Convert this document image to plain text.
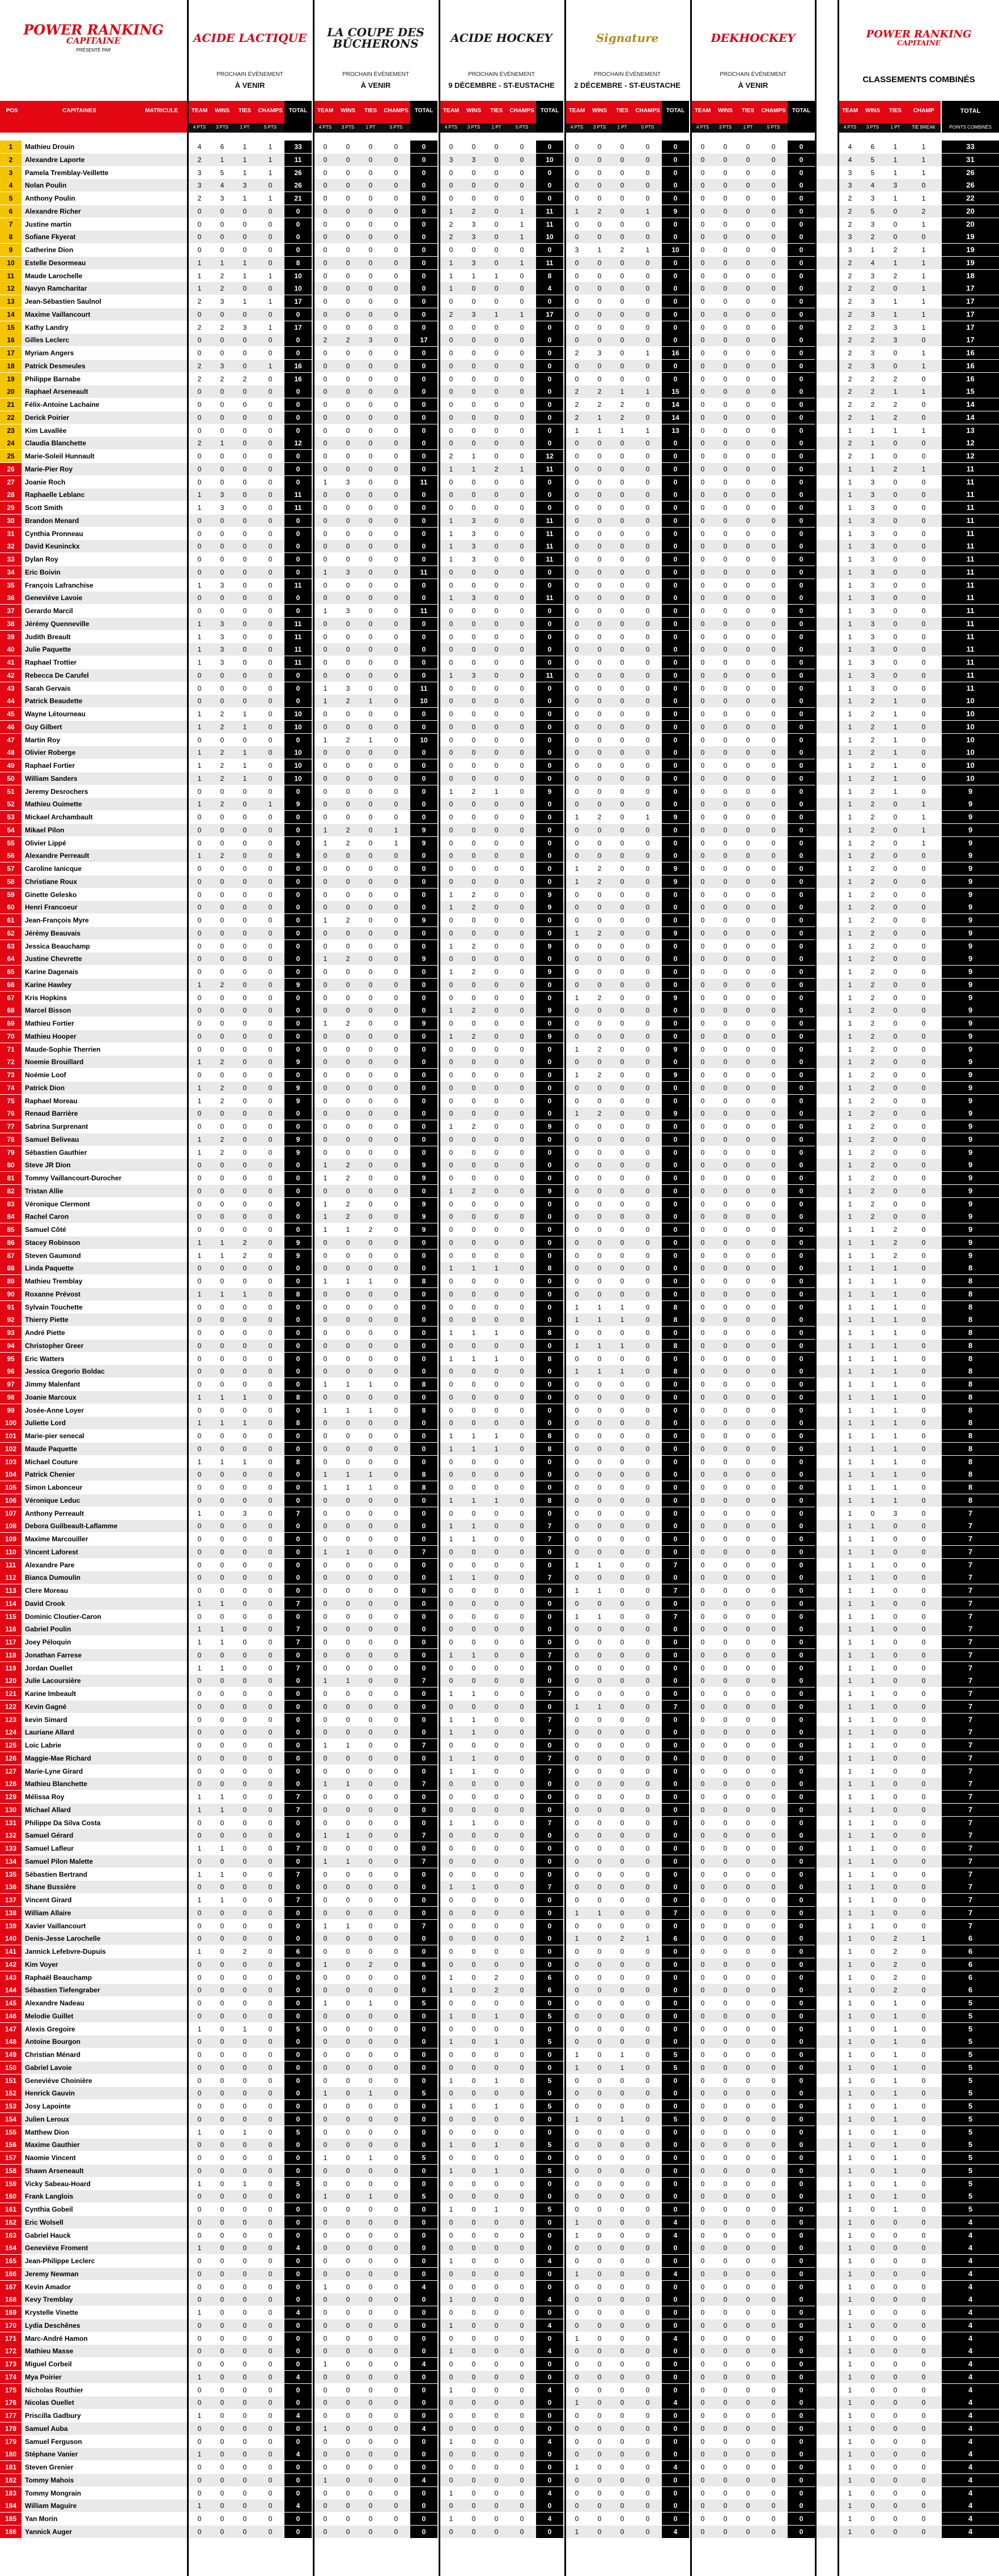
POWER RANKING
CAPITAINE
PRÉSENTÉ PAR
ACIDE LACTIQUE
PROCHAIN ÉVÉNEMENT
À VENIR
LA COUPE DES BÛCHERONS
PROCHAIN ÉVÉNEMENT
À VENIR
ACIDE HOCKEY
PROCHAIN ÉVÉNEMENT
9 DÉCEMBRE - ST-EUSTACHE
Signature
PROCHAIN ÉVÉNEMENT
2 DÉCEMBRE - ST-EUSTACHE
DEKHOCKEY
PROCHAIN ÉVÉNEMENT
À VENIR
POWER RANKING
CAPITAINE
CLASSEMENTS COMBINÉS
POS	CAPITAINES	MATRICULE	TEAM	WINS	TIES	CHAMPS
4 PTS	3 PTS	1 PT	5 PTS
TOTAL	TEAM	WINS	TIES	CHAMPS
4 PTS	3 PTS	1 PT	5 PTS
TOTAL	TEAM	WINS	TIES	CHAMPS
4 PTS	3 PTS	1 PT	5 PTS
TOTAL	TEAM	WINS	TIES	CHAMPS
4 PTS	3 PTS	1 PT	5 PTS
TOTAL	TEAM	WINS	TIES	CHAMPS
4 PTS	3 PTS	1 PT	5 PTS
TOTAL	TEAM	WINS	TIES	CHAMP
4 PTS	3 PTS	1 PT	TIE BREAK
TOTAL
POINTS COMBINÉS
1	Mathieu Drouin	4	6	1	1	33	0	0	0	0	0	0	0	0	0	0	0	0	0	0	0	0	0	0	0	0	4	6	1	1	33
2	Alexandre Laporte	2	1	1	1	11	0	0	0	0	0	3	3	0	0	10	0	0	0	0	0	0	0	0	0	0	4	5	1	1	31
3	Pamela Tremblay-Veillette	3	5	1	1	26	0	0	0	0	0	0	0	0	0	0	0	0	0	0	0	0	0	0	0	0	3	5	1	1	26
4	Nolan Poulin	3	4	3	0	26	0	0	0	0	0	0	0	0	0	0	0	0	0	0	0	0	0	0	0	0	3	4	3	0	26
5	Anthony Poulin	2	3	1	1	21	0	0	0	0	0	0	0	0	0	0	0	0	0	0	0	0	0	0	0	0	2	3	1	1	22
6	Alexandre Richer	0	0	0	0	0	0	0	0	0	0	1	2	0	1	11	1	2	0	1	9	0	0	0	0	0	2	5	0	2	20
7	Justine martin	0	0	0	0	0	0	0	0	0	0	2	3	0	1	11	0	0	0	0	0	0	0	0	0	0	2	3	0	1	20
8	Sofiane Fkyerat	0	0	0	0	0	0	0	0	0	0	2	3	0	1	10	0	0	0	0	0	0	0	0	0	0	3	2	0	0	19
9	Catherine Dion	0	0	0	0	0	0	0	0	0	0	0	0	0	0	0	3	1	2	1	10	0	0	0	0	0	3	1	2	1	19
10	Estelle Desormeau	1	1	1	0	8	0	0	0	0	0	1	3	0	1	11	0	0	0	0	0	0	0	0	0	0	2	4	1	1	19
11	Maude Larochelle	1	2	1	1	10	0	0	0	0	0	1	1	1	0	8	0	0	0	0	0	0	0	0	0	0	2	3	2	1	18
12	Navyn Ramcharitar	1	2	0	0	10	0	0	0	0	0	1	0	0	0	4	0	0	0	0	0	0	0	0	0	0	2	2	0	1	17
13	Jean-Sébastien Saulnol	2	3	1	1	17	0	0	0	0	0	0	0	0	0	0	0	0	0	0	0	0	0	0	0	0	2	3	1	1	17
14	Maxime Vaillancourt	0	0	0	0	0	0	0	0	0	0	2	3	1	1	17	0	0	0	0	0	0	0	0	0	0	2	3	1	1	17
15	Kathy Landry	2	2	3	1	17	0	0	0	0	0	0	0	0	0	0	0	0	0	0	0	0	0	0	0	0	2	2	3	1	17
16	Gilles Leclerc	0	0	0	0	0	2	2	3	0	17	0	0	0	0	0	0	0	0	0	0	0	0	0	0	0	2	2	3	0	17
17	Myriam Angers	0	0	0	0	0	0	0	0	0	0	0	0	0	0	0	2	3	0	1	16	0	0	0	0	0	2	3	0	1	16
18	Patrick Desmeules	2	3	0	1	16	0	0	0	0	0	0	0	0	0	0	0	0	0	0	0	0	0	0	0	0	2	3	0	1	16
19	Philippe Barnabe	2	2	2	0	16	0	0	0	0	0	0	0	0	0	0	0	0	0	0	0	0	0	0	0	0	2	2	2	0	16
20	Raphael Arseneault	0	0	0	0	0	0	0	0	0	0	0	0	0	0	0	2	2	1	1	15	0	0	0	0	0	2	2	1	1	15
21	Félix-Antoine Lachaine	0	0	0	0	0	0	0	0	0	0	0	0	0	0	0	2	2	2	0	14	0	0	0	0	0	2	2	2	0	14
22	Derick Poirier	0	0	0	0	0	0	0	0	0	0	0	0	0	0	0	2	1	2	0	14	0	0	0	0	0	2	1	2	0	14
23	Kim Lavallée	0	0	0	0	0	0	0	0	0	0	0	0	0	0	0	1	1	1	1	13	0	0	0	0	0	1	1	1	1	13
24	Claudia Blanchette	2	1	0	0	12	0	0	0	0	0	0	0	0	0	0	0	0	0	0	0	0	0	0	0	0	2	1	0	0	12
25	Marie-Soleil Hunnault	0	0	0	0	0	0	0	0	0	0	2	1	0	0	12	0	0	0	0	0	0	0	0	0	0	2	1	0	0	12
26	Marie-Pier Roy	0	0	0	0	0	0	0	0	0	0	1	1	2	1	11	0	0	0	0	0	0	0	0	0	0	1	1	2	1	11
27	Joanie Roch	0	0	0	0	0	1	3	0	0	11	0	0	0	0	0	0	0	0	0	0	0	0	0	0	0	1	3	0	0	11
28	Raphaelle Leblanc	1	3	0	0	11	0	0	0	0	0	0	0	0	0	0	0	0	0	0	0	0	0	0	0	0	1	3	0	0	11
29	Scott Smith	1	3	0	0	11	0	0	0	0	0	0	0	0	0	0	0	0	0	0	0	0	0	0	0	0	1	3	0	0	11
30	Brandon Menard	0	0	0	0	0	0	0	0	0	0	1	3	0	0	11	0	0	0	0	0	0	0	0	0	0	1	3	0	0	11
31	Cynthia Pronneau	0	0	0	0	0	0	0	0	0	0	1	3	0	0	11	0	0	0	0	0	0	0	0	0	0	1	3	0	0	11
32	David Keuninckx	0	0	0	0	0	0	0	0	0	0	1	3	0	0	11	0	0	0	0	0	0	0	0	0	0	1	3	0	0	11
33	Dylan Roy	0	0	0	0	0	0	0	0	0	0	1	3	0	0	11	0	0	0	0	0	0	0	0	0	0	1	3	0	0	11
34	Eric Boivin	0	0	0	0	0	1	3	0	0	11	0	0	0	0	0	0	0	0	0	0	0	0	0	0	0	1	3	0	0	11
35	François Lafranchise	1	3	0	0	11	0	0	0	0	0	0	0	0	0	0	0	0	0	0	0	0	0	0	0	0	1	3	0	0	11
36	Geneviève Lavoie	0	0	0	0	0	0	0	0	0	0	1	3	0	0	11	0	0	0	0	0	0	0	0	0	0	1	3	0	0	11
37	Gerardo Marcil	0	0	0	0	0	1	3	0	0	11	0	0	0	0	0	0	0	0	0	0	0	0	0	0	0	1	3	0	0	11
38	Jérémy Quenneville	1	3	0	0	11	0	0	0	0	0	0	0	0	0	0	0	0	0	0	0	0	0	0	0	0	1	3	0	0	11
39	Judith Breault	1	3	0	0	11	0	0	0	0	0	0	0	0	0	0	0	0	0	0	0	0	0	0	0	0	1	3	0	0	11
40	Julie Paquette	1	3	0	0	11	0	0	0	0	0	0	0	0	0	0	0	0	0	0	0	0	0	0	0	0	1	3	0	0	11
41	Raphael Trottier	1	3	0	0	11	0	0	0	0	0	0	0	0	0	0	0	0	0	0	0	0	0	0	0	0	1	3	0	0	11
42	Rebecca De Carufel	0	0	0	0	0	0	0	0	0	0	1	3	0	0	11	0	0	0	0	0	0	0	0	0	0	1	3	0	0	11
43	Sarah Gervais	0	0	0	0	0	1	3	0	0	11	0	0	0	0	0	0	0	0	0	0	0	0	0	0	0	1	3	0	0	11
44	Patrick Beaudette	0	0	0	0	0	1	2	1	0	10	0	0	0	0	0	0	0	0	0	0	0	0	0	0	0	1	2	1	0	10
45	Wayne Létourneau	1	2	1	0	10	0	0	0	0	0	0	0	0	0	0	0	0	0	0	0	0	0	0	0	0	1	2	1	0	10
46	Guy Gilbert	1	2	1	0	10	0	0	0	0	0	0	0	0	0	0	0	0	0	0	0	0	0	0	0	0	1	2	1	0	10
47	Martin Roy	0	0	0	0	0	1	2	1	0	10	0	0	0	0	0	0	0	0	0	0	0	0	0	0	0	1	2	1	0	10
48	Olivier Roberge	1	2	1	0	10	0	0	0	0	0	0	0	0	0	0	0	0	0	0	0	0	0	0	0	0	1	2	1	0	10
49	Raphael Fortier	1	2	1	0	10	0	0	0	0	0	0	0	0	0	0	0	0	0	0	0	0	0	0	0	0	1	2	1	0	10
50	William Sanders	1	2	1	0	10	0	0	0	0	0	0	0	0	0	0	0	0	0	0	0	0	0	0	0	0	1	2	1	0	10
51	Jeremy Desrochers	0	0	0	0	0	0	0	0	0	0	1	2	1	0	9	0	0	0	0	0	0	0	0	0	0	1	2	1	0	9
52	Mathieu Ouimette	1	2	0	1	9	0	0	0	0	0	0	0	0	0	0	0	0	0	0	0	0	0	0	0	0	1	2	0	1	9
53	Mickael Archambault	0	0	0	0	0	0	0	0	0	0	0	0	0	0	0	1	2	0	1	9	0	0	0	0	0	1	2	0	1	9
54	Mikael Pilon	0	0	0	0	0	1	2	0	1	9	0	0	0	0	0	0	0	0	0	0	0	0	0	0	0	1	2	0	1	9
55	Olivier Lippé	0	0	0	0	0	1	2	0	1	9	0	0	0	0	0	0	0	0	0	0	0	0	0	0	0	1	2	0	1	9
56	Alexandre Perreault	1	2	0	0	9	0	0	0	0	0	0	0	0	0	0	0	0	0	0	0	0	0	0	0	0	1	2	0	0	9
57	Caroline Ianicque	0	0	0	0	0	0	0	0	0	0	0	0	0	0	0	1	2	0	0	9	0	0	0	0	0	1	2	0	0	9
58	Christiane Roux	0	0	0	0	0	0	0	0	0	0	0	0	0	0	0	1	2	0	0	9	0	0	0	0	0	1	2	0	0	9
59	Ginette Gelesko	0	0	0	0	0	0	0	0	0	0	1	2	0	0	9	0	0	0	0	0	0	0	0	0	0	1	2	0	0	9
60	Henri Francoeur	0	0	0	0	0	0	0	0	0	0	1	2	0	0	9	0	0	0	0	0	0	0	0	0	0	1	2	0	0	9
61	Jean-François Myre	0	0	0	0	0	1	2	0	0	9	0	0	0	0	0	0	0	0	0	0	0	0	0	0	0	1	2	0	0	9
62	Jérémy Beauvais	0	0	0	0	0	0	0	0	0	0	0	0	0	0	0	1	2	0	0	9	0	0	0	0	0	1	2	0	0	9
63	Jessica Beauchamp	0	0	0	0	0	0	0	0	0	0	1	2	0	0	9	0	0	0	0	0	0	0	0	0	0	1	2	0	0	9
64	Justine Chevrette	0	0	0	0	0	1	2	0	0	9	0	0	0	0	0	0	0	0	0	0	0	0	0	0	0	1	2	0	0	9
65	Karine Dagenais	0	0	0	0	0	0	0	0	0	0	1	2	0	0	9	0	0	0	0	0	0	0	0	0	0	1	2	0	0	9
66	Karine Hawley	1	2	0	0	9	0	0	0	0	0	0	0	0	0	0	0	0	0	0	0	0	0	0	0	0	1	2	0	0	9
67	Kris Hopkins	0	0	0	0	0	0	0	0	0	0	0	0	0	0	0	1	2	0	0	9	0	0	0	0	0	1	2	0	0	9
68	Marcel Bisson	0	0	0	0	0	0	0	0	0	0	1	2	0	0	9	0	0	0	0	0	0	0	0	0	0	1	2	0	0	9
69	Mathieu Fortier	0	0	0	0	0	1	2	0	0	9	0	0	0	0	0	0	0	0	0	0	0	0	0	0	0	1	2	0	0	9
70	Mathieu Hooper	0	0	0	0	0	0	0	0	0	0	1	2	0	0	9	0	0	0	0	0	0	0	0	0	0	1	2	0	0	9
71	Maude-Sophie Therrien	0	0	0	0	0	0	0	0	0	0	0	0	0	0	0	1	2	0	0	9	0	0	0	0	0	1	2	0	0	9
72	Noemie Brouillard	1	2	0	0	9	0	0	0	0	0	0	0	0	0	0	0	0	0	0	0	0	0	0	0	0	1	2	0	0	9
73	Noémie Loof	0	0	0	0	0	0	0	0	0	0	0	0	0	0	0	1	2	0	0	9	0	0	0	0	0	1	2	0	0	9
74	Patrick Dion	1	2	0	0	9	0	0	0	0	0	0	0	0	0	0	0	0	0	0	0	0	0	0	0	0	1	2	0	0	9
75	Raphael Moreau	1	2	0	0	9	0	0	0	0	0	0	0	0	0	0	0	0	0	0	0	0	0	0	0	0	1	2	0	0	9
76	Renaud Barrière	0	0	0	0	0	0	0	0	0	0	0	0	0	0	0	1	2	0	0	9	0	0	0	0	0	1	2	0	0	9
77	Sabrina Surprenant	0	0	0	0	0	0	0	0	0	0	1	2	0	0	9	0	0	0	0	0	0	0	0	0	0	1	2	0	0	9
78	Samuel Beliveau	1	2	0	0	9	0	0	0	0	0	0	0	0	0	0	0	0	0	0	0	0	0	0	0	0	1	2	0	0	9
79	Sébastien Gauthier	1	2	0	0	9	0	0	0	0	0	0	0	0	0	0	0	0	0	0	0	0	0	0	0	0	1	2	0	0	9
80	Steve JR Dion	0	0	0	0	0	1	2	0	0	9	0	0	0	0	0	0	0	0	0	0	0	0	0	0	0	1	2	0	0	9
81	Tommy Vaillancourt-Durocher	0	0	0	0	0	1	2	0	0	9	0	0	0	0	0	0	0	0	0	0	0	0	0	0	0	1	2	0	0	9
82	Tristan Allie	0	0	0	0	0	0	0	0	0	0	1	2	0	0	9	0	0	0	0	0	0	0	0	0	0	1	2	0	0	9
83	Véronique Clermont	0	0	0	0	0	1	2	0	0	9	0	0	0	0	0	0	0	0	0	0	0	0	0	0	0	1	2	0	0	9
84	Rachel Caron	0	0	0	0	0	1	2	0	0	9	0	0	0	0	0	0	0	0	0	0	0	0	0	0	0	1	2	0	0	9
85	Samuel Côté	0	0	0	0	0	1	1	2	0	9	0	0	0	0	0	0	0	0	0	0	0	0	0	0	0	1	1	2	0	9
86	Stacey Robinson	1	1	2	0	9	0	0	0	0	0	0	0	0	0	0	0	0	0	0	0	0	0	0	0	0	1	1	2	0	9
87	Steven Gaumond	1	1	2	0	9	0	0	0	0	0	0	0	0	0	0	0	0	0	0	0	0	0	0	0	0	1	1	2	0	9
88	Linda Paquette	0	0	0	0	0	0	0	0	0	0	1	1	1	0	8	0	0	0	0	0	0	0	0	0	0	1	1	1	0	8
89	Mathieu Tremblay	0	0	0	0	0	1	1	1	0	8	0	0	0	0	0	0	0	0	0	0	0	0	0	0	0	1	1	1	0	8
90	Roxanne Prévost	1	1	1	0	8	0	0	0	0	0	0	0	0	0	0	0	0	0	0	0	0	0	0	0	0	1	1	1	0	8
91	Sylvain Touchette	0	0	0	0	0	0	0	0	0	0	0	0	0	0	0	1	1	1	0	8	0	0	0	0	0	1	1	1	0	8
92	Thierry Piette	0	0	0	0	0	0	0	0	0	0	0	0	0	0	0	1	1	1	0	8	0	0	0	0	0	1	1	1	0	8
93	André Piette	0	0	0	0	0	0	0	0	0	0	1	1	1	0	8	0	0	0	0	0	0	0	0	0	0	1	1	1	0	8
94	Christopher Greer	0	0	0	0	0	0	0	0	0	0	0	0	0	0	0	1	1	1	0	8	0	0	0	0	0	1	1	1	0	8
95	Eric Watters	0	0	0	0	0	0	0	0	0	0	1	1	1	0	8	0	0	0	0	0	0	0	0	0	0	1	1	1	0	8
96	Jessica Gregorio Boldac	0	0	0	0	0	0	0	0	0	0	0	0	0	0	0	1	1	1	0	8	0	0	0	0	0	1	1	1	0	8
97	Jimmy Malenfant	0	0	0	0	0	1	1	1	0	8	0	0	0	0	0	0	0	0	0	0	0	0	0	0	0	1	1	1	0	8
98	Joanie Marcoux	1	1	1	0	8	0	0	0	0	0	0	0	0	0	0	0	0	0	0	0	0	0	0	0	0	1	1	1	0	8
99	Josée-Anne Loyer	0	0	0	0	0	1	1	1	0	8	0	0	0	0	0	0	0	0	0	0	0	0	0	0	0	1	1	1	0	8
100	Juliette Lord	1	1	1	0	8	0	0	0	0	0	0	0	0	0	0	0	0	0	0	0	0	0	0	0	0	1	1	1	0	8
101	Marie-pier senecal	0	0	0	0	0	0	0	0	0	0	1	1	1	0	8	0	0	0	0	0	0	0	0	0	0	1	1	1	0	8
102	Maude Paquette	0	0	0	0	0	0	0	0	0	0	1	1	1	0	8	0	0	0	0	0	0	0	0	0	0	1	1	1	0	8
103	Michael Couture	1	1	1	0	8	0	0	0	0	0	0	0	0	0	0	0	0	0	0	0	0	0	0	0	0	1	1	1	0	8
104	Patrick Chenier	0	0	0	0	0	1	1	1	0	8	0	0	0	0	0	0	0	0	0	0	0	0	0	0	0	1	1	1	0	8
105	Simon Labonceur	0	0	0	0	0	1	1	1	0	8	0	0	0	0	0	0	0	0	0	0	0	0	0	0	0	1	1	1	0	8
106	Véronique Leduc	0	0	0	0	0	0	0	0	0	0	1	1	1	0	8	0	0	0	0	0	0	0	0	0	0	1	1	1	0	8
107	Anthony Perreault	1	0	3	0	7	0	0	0	0	0	0	0	0	0	0	0	0	0	0	0	0	0	0	0	0	1	0	3	0	7
108	Debora Guilbeault-Laflamme	0	0	0	0	0	0	0	0	0	0	1	1	0	0	7	0	0	0	0	0	0	0	0	0	0	1	1	0	0	7
109	Maxime Marcouiller	0	0	0	0	0	0	0	0	0	0	1	1	0	0	7	0	0	0	0	0	0	0	0	0	0	1	1	0	0	7
110	Vincent Laforest	0	0	0	0	0	1	1	0	0	7	0	0	0	0	0	0	0	0	0	0	0	0	0	0	0	1	1	0	0	7
111	Alexandre Pare	0	0	0	0	0	0	0	0	0	0	0	0	0	0	0	1	1	0	0	7	0	0	0	0	0	1	1	0	0	7
112	Bianca Dumoulin	0	0	0	0	0	0	0	0	0	0	1	1	0	0	7	0	0	0	0	0	0	0	0	0	0	1	1	0	0	7
113	Clere Moreau	0	0	0	0	0	0	0	0	0	0	0	0	0	0	0	1	1	0	0	7	0	0	0	0	0	1	1	0	0	7
114	David Crook	1	1	0	0	7	0	0	0	0	0	0	0	0	0	0	0	0	0	0	0	0	0	0	0	0	1	1	0	0	7
115	Dominic Cloutier-Caron	0	0	0	0	0	0	0	0	0	0	0	0	0	0	0	1	1	0	0	7	0	0	0	0	0	1	1	0	0	7
116	Gabriel Poulin	1	1	0	0	7	0	0	0	0	0	0	0	0	0	0	0	0	0	0	0	0	0	0	0	0	1	1	0	0	7
117	Joey Péloquin	1	1	0	0	7	0	0	0	0	0	0	0	0	0	0	0	0	0	0	0	0	0	0	0	0	1	1	0	0	7
118	Jonathan Farrese	0	0	0	0	0	0	0	0	0	0	1	1	0	0	7	0	0	0	0	0	0	0	0	0	0	1	1	0	0	7
119	Jordan Ouellet	1	1	0	0	7	0	0	0	0	0	0	0	0	0	0	0	0	0	0	0	0	0	0	0	0	1	1	0	0	7
120	Julie Lacoursière	0	0	0	0	0	1	1	0	0	7	0	0	0	0	0	0	0	0	0	0	0	0	0	0	0	1	1	0	0	7
121	Karine Imbeault	0	0	0	0	0	0	0	0	0	0	1	1	0	0	7	0	0	0	0	0	0	0	0	0	0	1	1	0	0	7
122	Kevin Gagné	0	0	0	0	0	0	0	0	0	0	0	0	0	0	0	1	1	0	0	7	0	0	0	0	0	1	1	0	0	7
123	kevin Simard	0	0	0	0	0	0	0	0	0	0	1	1	0	0	7	0	0	0	0	0	0	0	0	0	0	1	1	0	0	7
124	Lauriane Allard	0	0	0	0	0	0	0	0	0	0	1	1	0	0	7	0	0	0	0	0	0	0	0	0	0	1	1	0	0	7
125	Loic Labrie	0	0	0	0	0	1	1	0	0	7	0	0	0	0	0	0	0	0	0	0	0	0	0	0	0	1	1	0	0	7
126	Maggie-Mae Richard	0	0	0	0	0	0	0	0	0	0	1	1	0	0	7	0	0	0	0	0	0	0	0	0	0	1	1	0	0	7
127	Marie-Lyne Girard	0	0	0	0	0	0	0	0	0	0	1	1	0	0	7	0	0	0	0	0	0	0	0	0	0	1	1	0	0	7
128	Mathieu Blanchette	0	0	0	0	0	1	1	0	0	7	0	0	0	0	0	0	0	0	0	0	0	0	0	0	0	1	1	0	0	7
129	Mélissa Roy	1	1	0	0	7	0	0	0	0	0	0	0	0	0	0	0	0	0	0	0	0	0	0	0	0	1	1	0	0	7
130	Michael Allard	1	1	0	0	7	0	0	0	0	0	0	0	0	0	0	0	0	0	0	0	0	0	0	0	0	1	1	0	0	7
131	Philippe Da Silva Costa	0	0	0	0	0	0	0	0	0	0	1	1	0	0	7	0	0	0	0	0	0	0	0	0	0	1	1	0	0	7
132	Samuel Gérard	0	0	0	0	0	1	1	0	0	7	0	0	0	0	0	0	0	0	0	0	0	0	0	0	0	1	1	0	0	7
133	Samuel Lafleur	1	1	0	0	7	0	0	0	0	0	0	0	0	0	0	0	0	0	0	0	0	0	0	0	0	1	1	0	0	7
134	Samuel Pilon Malette	0	0	0	0	0	1	1	0	0	7	0	0	0	0	0	0	0	0	0	0	0	0	0	0	0	1	1	0	0	7
135	Sébastien Bertrand	1	1	0	0	7	0	0	0	0	0	0	0	0	0	0	0	0	0	0	0	0	0	0	0	0	1	1	0	0	7
136	Shane Bussière	0	0	0	0	0	0	0	0	0	0	1	1	0	0	7	0	0	0	0	0	0	0	0	0	0	1	1	0	0	7
137	Vincent Girard	1	1	0	0	7	0	0	0	0	0	0	0	0	0	0	0	0	0	0	0	0	0	0	0	0	1	1	0	0	7
138	William Allaire	0	0	0	0	0	0	0	0	0	0	0	0	0	0	0	1	1	0	0	7	0	0	0	0	0	1	1	0	0	7
139	Xavier Vaillancourt	0	0	0	0	0	1	1	0	0	7	0	0	0	0	0	0	0	0	0	0	0	0	0	0	0	1	1	0	0	7
140	Denis-Jesse Larochelle	0	0	0	0	0	0	0	0	0	0	0	0	0	0	0	1	0	2	1	6	0	0	0	0	0	1	0	2	1	6
141	Jannick Lefebvre-Dupuis	1	0	2	0	6	0	0	0	0	0	0	0	0	0	0	0	0	0	0	0	0	0	0	0	0	1	0	2	0	6
142	Kim Voyer	0	0	0	0	0	1	0	2	0	6	0	0	0	0	0	0	0	0	0	0	0	0	0	0	0	1	0	2	0	6
143	Raphaël Beauchamp	0	0	0	0	0	0	0	0	0	0	1	0	2	0	6	0	0	0	0	0	0	0	0	0	0	1	0	2	0	6
144	Sébastien Tiefengraber	0	0	0	0	0	0	0	0	0	0	1	0	2	0	6	0	0	0	0	0	0	0	0	0	0	1	0	2	0	6
145	Alexandre Nadeau	0	0	0	0	0	1	0	1	0	5	0	0	0	0	0	0	0	0	0	0	0	0	0	0	0	1	0	1	0	5
146	Melodie Guillet	0	0	0	0	0	0	0	0	0	0	1	0	1	0	5	0	0	0	0	0	0	0	0	0	0	1	0	1	0	5
147	Alexis Gregoire	1	0	1	0	5	0	0	0	0	0	0	0	0	0	0	0	0	0	0	0	0	0	0	0	0	1	0	1	0	5
148	Antoine Bourgon	0	0	0	0	0	0	0	0	0	0	1	0	1	0	5	0	0	0	0	0	0	0	0	0	0	1	0	1	0	5
149	Christian Ménard	0	0	0	0	0	0	0	0	0	0	0	0	0	0	0	1	0	1	0	5	0	0	0	0	0	1	0	1	0	5
150	Gabriel Lavoie	0	0	0	0	0	0	0	0	0	0	0	0	0	0	0	1	0	1	0	5	0	0	0	0	0	1	0	1	0	5
151	Geneviève Choinière	0	0	0	0	0	0	0	0	0	0	1	0	1	0	5	0	0	0	0	0	0	0	0	0	0	1	0	1	0	5
152	Henrick Gauvin	0	0	0	0	0	1	0	1	0	5	0	0	0	0	0	0	0	0	0	0	0	0	0	0	0	1	0	1	0	5
153	Josy Lapointe	0	0	0	0	0	0	0	0	0	0	1	0	1	0	5	0	0	0	0	0	0	0	0	0	0	1	0	1	0	5
154	Julien Leroux	0	0	0	0	0	0	0	0	0	0	0	0	0	0	0	1	0	1	0	5	0	0	0	0	0	1	0	1	0	5
155	Matthew Dion	1	0	1	0	5	0	0	0	0	0	0	0	0	0	0	0	0	0	0	0	0	0	0	0	0	1	0	1	0	5
156	Maxime Gauthier	0	0	0	0	0	0	0	0	0	0	1	0	1	0	5	0	0	0	0	0	0	0	0	0	0	1	0	1	0	5
157	Naomie Vincent	0	0	0	0	0	1	0	1	0	5	0	0	0	0	0	0	0	0	0	0	0	0	0	0	0	1	0	1	0	5
158	Shawn Arseneault	0	0	0	0	0	0	0	0	0	0	1	0	1	0	5	0	0	0	0	0	0	0	0	0	0	1	0	1	0	5
159	Vicky Sabeau-Hoard	1	0	1	0	5	0	0	0	0	0	0	0	0	0	0	0	0	0	0	0	0	0	0	0	0	1	0	1	0	5
160	Frank Langlois	0	0	0	0	0	1	0	1	0	5	0	0	0	0	0	0	0	0	0	0	0	0	0	0	0	1	0	1	0	5
161	Cynthia Gobeil	0	0	0	0	0	0	0	0	0	0	1	0	1	0	5	0	0	0	0	0	0	0	0	0	0	1	0	1	0	5
162	Eric Wolsell	0	0	0	0	0	0	0	0	0	0	0	0	0	0	0	1	0	0	0	4	0	0	0	0	0	1	0	0	0	4
163	Gabriel Hauck	0	0	0	0	0	0	0	0	0	0	0	0	0	0	0	1	0	0	0	4	0	0	0	0	0	1	0	0	0	4
164	Geneviève Froment	1	0	0	0	4	0	0	0	0	0	0	0	0	0	0	0	0	0	0	0	0	0	0	0	0	1	0	0	0	4
165	Jean-Philippe Leclerc	0	0	0	0	0	0	0	0	0	0	1	0	0	0	4	0	0	0	0	0	0	0	0	0	0	1	0	0	0	4
166	Jeremy Newman	0	0	0	0	0	0	0	0	0	0	0	0	0	0	0	1	0	0	0	4	0	0	0	0	0	1	0	0	0	4
167	Kevin Amador	0	0	0	0	0	1	0	0	0	4	0	0	0	0	0	0	0	0	0	0	0	0	0	0	0	1	0	0	0	4
168	Kevy Tremblay	0	0	0	0	0	0	0	0	0	0	1	0	0	0	4	0	0	0	0	0	0	0	0	0	0	1	0	0	0	4
169	Krystelle Vinette	1	0	0	0	4	0	0	0	0	0	0	0	0	0	0	0	0	0	0	0	0	0	0	0	0	1	0	0	0	4
170	Lydia Deschênes	0	0	0	0	0	0	0	0	0	0	1	0	0	0	4	0	0	0	0	0	0	0	0	0	0	1	0	0	0	4
171	Marc-André Hamon	0	0	0	0	0	0	0	0	0	0	0	0	0	0	0	1	0	0	0	4	0	0	0	0	0	1	0	0	0	4
172	Mathieu Masse	0	0	0	0	0	0	0	0	0	0	1	0	0	0	4	0	0	0	0	0	0	0	0	0	0	1	0	0	0	4
173	Miguel Corbeil	0	0	0	0	0	1	0	0	0	4	0	0	0	0	0	0	0	0	0	0	0	0	0	0	0	1	0	0	0	4
174	Mya Poirier	1	0	0	0	4	0	0	0	0	0	0	0	0	0	0	0	0	0	0	0	0	0	0	0	0	1	0	0	0	4
175	Nicholas Routhier	0	0	0	0	0	0	0	0	0	0	1	0	0	0	4	0	0	0	0	0	0	0	0	0	0	1	0	0	0	4
176	Nicolas Ouellet	0	0	0	0	0	0	0	0	0	0	0	0	0	0	0	1	0	0	0	4	0	0	0	0	0	1	0	0	0	4
177	Priscilla Gadbury	1	0	0	0	4	0	0	0	0	0	0	0	0	0	0	0	0	0	0	0	0	0	0	0	0	1	0	0	0	4
178	Samuel Auba	0	0	0	0	0	1	0	0	0	4	0	0	0	0	0	0	0	0	0	0	0	0	0	0	0	1	0	0	0	4
179	Samuel Ferguson	0	0	0	0	0	0	0	0	0	0	1	0	0	0	4	0	0	0	0	0	0	0	0	0	0	1	0	0	0	4
180	Stéphane Vanier	1	0	0	0	4	0	0	0	0	0	0	0	0	0	0	0	0	0	0	0	0	0	0	0	0	1	0	0	0	4
181	Steven Grenier	0	0	0	0	0	0	0	0	0	0	0	0	0	0	0	1	0	0	0	4	0	0	0	0	0	1	0	0	0	4
182	Tommy Mahois	0	0	0	0	0	1	0	0	0	4	0	0	0	0	0	0	0	0	0	0	0	0	0	0	0	1	0	0	0	4
183	Tommy Mongrain	0	0	0	0	0	0	0	0	0	0	1	0	0	0	4	0	0	0	0	0	0	0	0	0	0	1	0	0	0	4
184	William Maguire	1	0	0	0	4	0	0	0	0	0	0	0	0	0	0	0	0	0	0	0	0	0	0	0	0	1	0	0	0	4
185	Yan Morin	0	0	0	0	0	0	0	0	0	0	1	0	0	0	4	0	0	0	0	0	0	0	0	0	0	1	0	0	0	4
186	Yannick Auger	0	0	0	0	0	0	0	0	0	0	0	0	0	0	0	1	0	0	0	4	0	0	0	0	0	1	0	0	0	4
